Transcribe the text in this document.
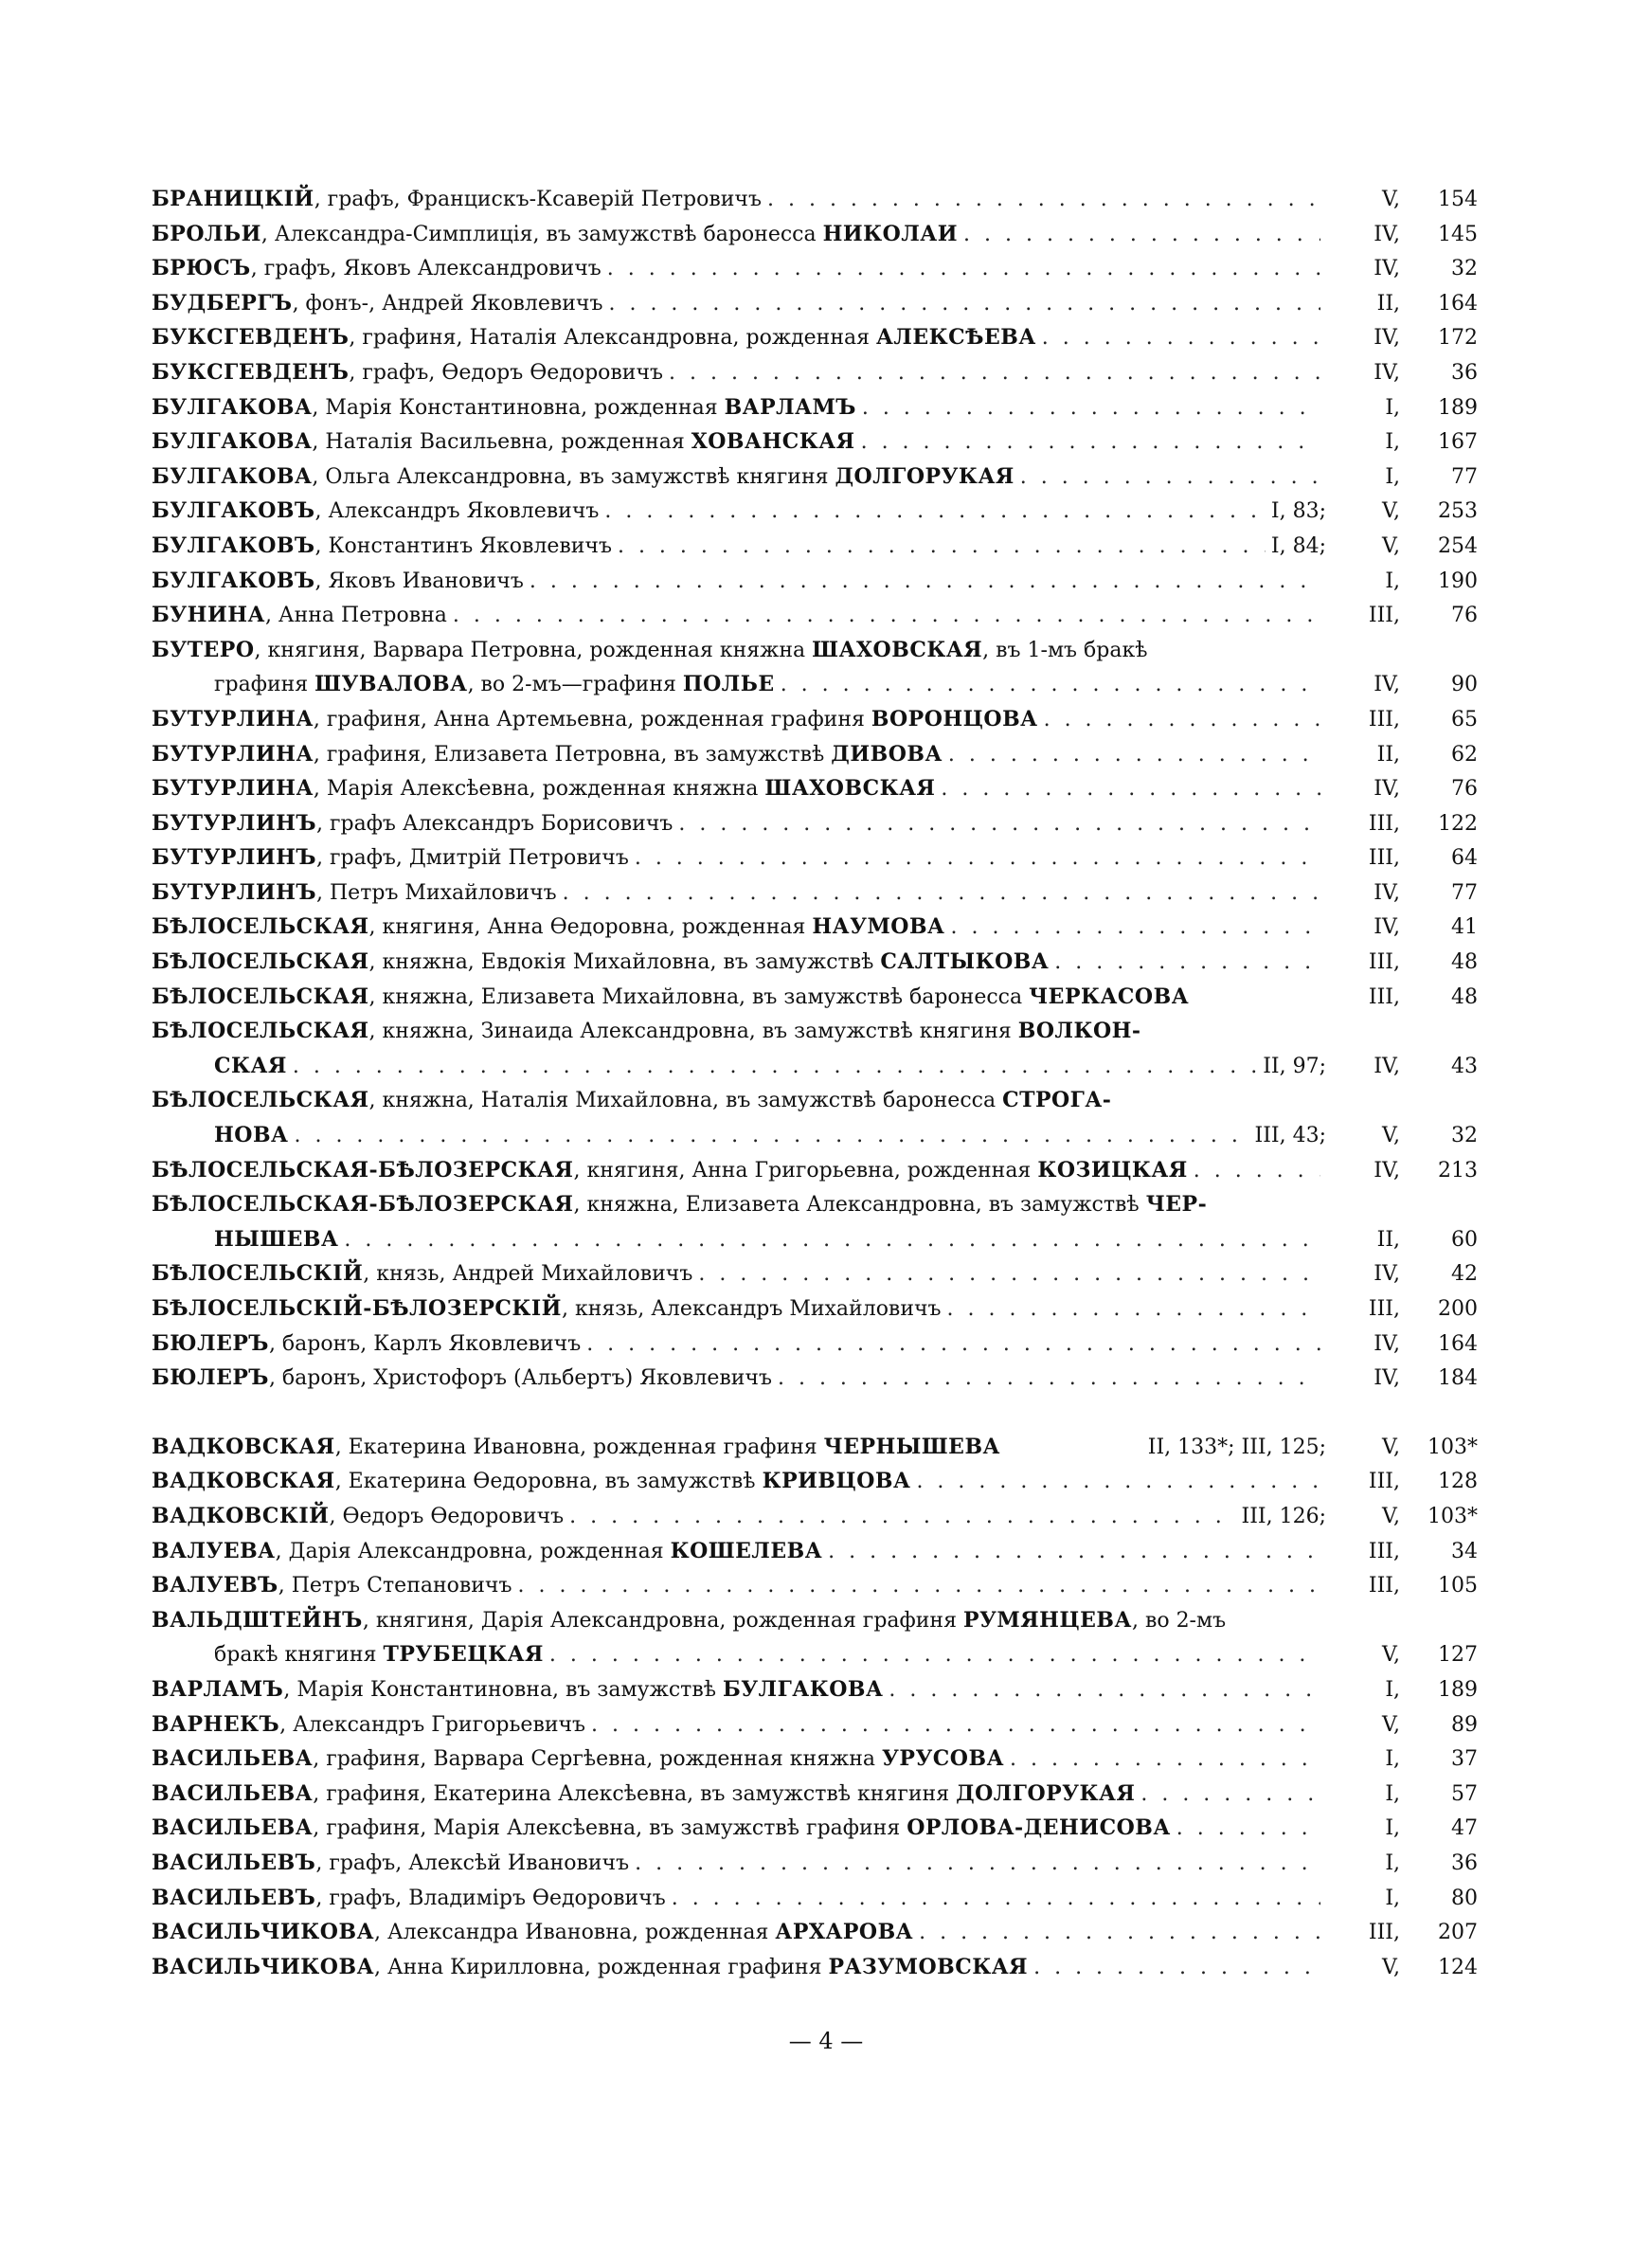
БРАНИЦКІЙ, графъ, Францискъ-Ксаверій Петровичъ . . .	V,	154
БРОЛЬИ, Александра-Симплиція, въ замужствѣ баронесса НИКОЛАИ . . .	IV,	145
БРЮСЪ, графъ, Яковъ Александровичъ . . .	IV,	32
БУДБЕРГЪ, фонъ-, Андрей Яковлевичъ . . .	II,	164
БУКСГЕВДЕНЪ, графиня, Наталія Александровна, рожденная АЛЕКСѢЕВА . . .	IV,	172
БУКСГЕВДЕНЪ, графъ, Ѳедоръ Ѳедоровичъ . . .	IV,	36
БУЛГАКОВА, Марія Константиновна, рожденная ВАРЛАМЪ . . .	I,	189
БУЛГАКОВА, Наталія Васильевна, рожденная ХОВАНСКАЯ . . .	I,	167
БУЛГАКОВА, Ольга Александровна, въ замужствѣ княгиня ДОЛГОРУКАЯ . . .	I,	77
БУЛГАКОВЪ, Александръ Яковлевичъ . . .	I, 83;	V,	253
БУЛГАКОВЪ, Константинъ Яковлевичъ . . .	I, 84;	V,	254
БУЛГАКОВЪ, Яковъ Ивановичъ . . .	I,	190
БУНИНА, Анна Петровна . . .	III,	76
БУТЕРО, княгиня, Варвара Петровна, рожденная княжна ШАХОВСКАЯ, въ 1-мъ бракѣ
графиня ШУВАЛОВА, во 2-мъ—графиня ПОЛЬЕ . . .	IV,	90
БУТУРЛИНА, графиня, Анна Артемьевна, рожденная графиня ВОРОНЦОВА . . .	III,	65
БУТУРЛИНА, графиня, Елизавета Петровна, въ замужствѣ ДИВОВА . . .	II,	62
БУТУРЛИНА, Марія Алексѣевна, рожденная княжна ШАХОВСКАЯ . . .	IV,	76
БУТУРЛИНЪ, графъ Александръ Борисовичъ . . .	III,	122
БУТУРЛИНЪ, графъ, Дмитрій Петровичъ . . .	III,	64
БУТУРЛИНЪ, Петръ Михайловичъ . . .	IV,	77
БѢЛОСЕЛЬСКАЯ, княгиня, Анна Ѳедоровна, рожденная НАУМОВА . . .	IV,	41
БѢЛОСЕЛЬСКАЯ, княжна, Евдокія Михайловна, въ замужствѣ САЛТЫКОВА . . .	III,	48
БѢЛОСЕЛЬСКАЯ, княжна, Елизавета Михайловна, въ замужствѣ баронесса ЧЕРКАСОВА	III,	48
БѢЛОСЕЛЬСКАЯ, княжна, Зинаида Александровна, въ замужствѣ княгиня ВОЛКОН-
СКАЯ . . .	II, 97;	IV,	43
БѢЛОСЕЛЬСКАЯ, княжна, Наталія Михайловна, въ замужствѣ баронесса СТРОГА-
НОВА . . .	III, 43;	V,	32
БѢЛОСЕЛЬСКАЯ-БѢЛОЗЕРСКАЯ, княгиня, Анна Григорьевна, рожденная КОЗИЦКАЯ . . .	IV,	213
БѢЛОСЕЛЬСКАЯ-БѢЛОЗЕРСКАЯ, княжна, Елизавета Александровна, въ замужствѣ ЧЕР-
НЫШЕВА . . .	II,	60
БѢЛОСЕЛЬСКІЙ, князь, Андрей Михайловичъ . . .	IV,	42
БѢЛОСЕЛЬСКІЙ-БѢЛОЗЕРСКІЙ, князь, Александръ Михайловичъ . . .	III,	200
БЮЛЕРЪ, баронъ, Карлъ Яковлевичъ . . .	IV,	164
БЮЛЕРЪ, баронъ, Христофоръ (Альбертъ) Яковлевичъ . . .	IV,	184
ВАДКОВСКАЯ, Екатерина Ивановна, рожденная графиня ЧЕРНЫШЕВА	II, 133*; III, 125;	V,	103*
ВАДКОВСКАЯ, Екатерина Ѳедоровна, въ замужствѣ КРИВЦОВА . . .	III,	128
ВАДКОВСКІЙ, Ѳедоръ Ѳедоровичъ . . .	III, 126;	V,	103*
ВАЛУЕВА, Дарія Александровна, рожденная КОШЕЛЕВА . . .	III,	34
ВАЛУЕВЪ, Петръ Степановичъ . . .	III,	105
ВАЛЬДШТЕЙНЪ, княгиня, Дарія Александровна, рожденная графиня РУМЯНЦЕВА, во 2-мъ
бракѣ княгиня ТРУБЕЦКАЯ . . .	V,	127
ВАРЛАМЪ, Марія Константиновна, въ замужствѣ БУЛГАКОВА . . .	I,	189
ВАРНЕКЪ, Александръ Григорьевичъ . . .	V,	89
ВАСИЛЬЕВА, графиня, Варвара Сергѣевна, рожденная княжна УРУСОВА . . .	I,	37
ВАСИЛЬЕВА, графиня, Екатерина Алексѣевна, въ замужствѣ княгиня ДОЛГОРУКАЯ . . .	I,	57
ВАСИЛЬЕВА, графиня, Марія Алексѣевна, въ замужствѣ графиня ОРЛОВА-ДЕНИСОВА . . .	I,	47
ВАСИЛЬЕВЪ, графъ, Алексѣй Ивановичъ . . .	I,	36
ВАСИЛЬЕВЪ, графъ, Владиміръ Ѳедоровичъ . . .	I,	80
ВАСИЛЬЧИКОВА, Александра Ивановна, рожденная АРХАРОВА . . .	III,	207
ВАСИЛЬЧИКОВА, Анна Кирилловна, рожденная графиня РАЗУМОВСКАЯ . . .	V,	124
— 4 —
